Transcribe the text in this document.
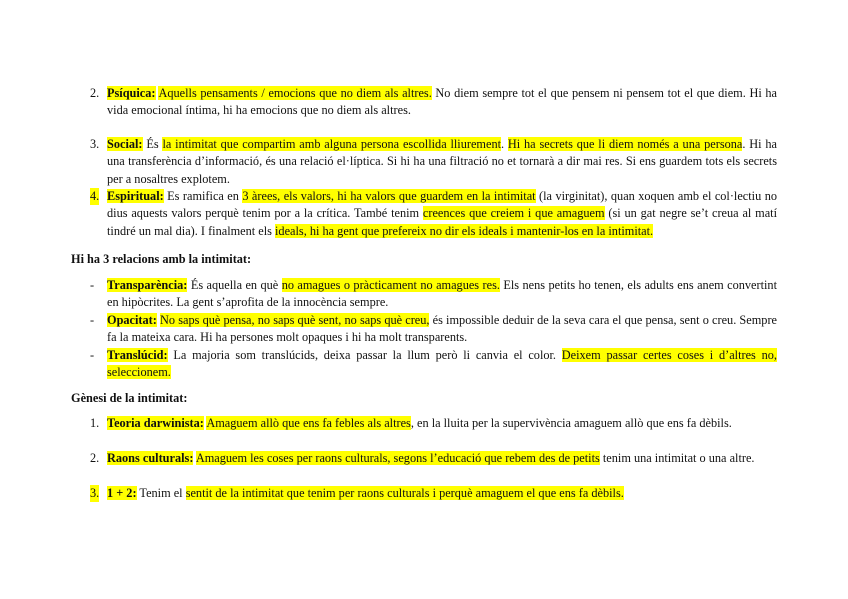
2. Psíquica: Aquells pensaments / emocions que no diem als altres. No diem sempre tot el que pensem ni pensem tot el que diem. Hi ha vida emocional íntima, hi ha emocions que no diem als altres.
3. Social: És la intimitat que compartim amb alguna persona escollida lliurement. Hi ha secrets que li diem només a una persona. Hi ha una transferència d’informació, és una relació el·líptica. Si hi ha una filtració no et tornarà a dir mai res. Si ens guardem tots els secrets per a nosaltres explotem.
4. Espiritual: Es ramifica en 3 àrees, els valors, hi ha valors que guardem en la intimitat (la virginitat), quan xoquen amb el col·lectiu no dius aquests valors perquè tenim por a la crítica. També tenim creences que creiem i que amaguem (si un gat negre se’t creua al matí tindré un mal dia). I finalment els ideals, hi ha gent que prefereix no dir els ideals i mantenir-los en la intimitat.
Hi ha 3 relacions amb la intimitat:
- Transparència: És aquella en què no amagues o pràcticament no amagues res. Els nens petits ho tenen, els adults ens anem convertint en hipòcrites. La gent s’aprofita de la innocència sempre.
- Opacitat: No saps què pensa, no saps què sent, no saps què creu, és impossible deduir de la seva cara el que pensa, sent o creu. Sempre fa la mateixa cara. Hi ha persones molt opaques i hi ha molt transparents.
- Translúcid: La majoria som translúcids, deixa passar la llum però li canvia el color. Deixem passar certes coses i d’altres no, seleccionem.
Gènesi de la intimitat:
1. Teoria darwinista: Amaguem allò que ens fa febles als altres, en la lluita per la supervivència amaguem allò que ens fa dèbils.
2. Raons culturals: Amaguem les coses per raons culturals, segons l’educació que rebem des de petits tenim una intimitat o una altre.
3. 1 + 2: Tenim el sentit de la intimitat que tenim per raons culturals i perquè amaguem el que ens fa dèbils.
